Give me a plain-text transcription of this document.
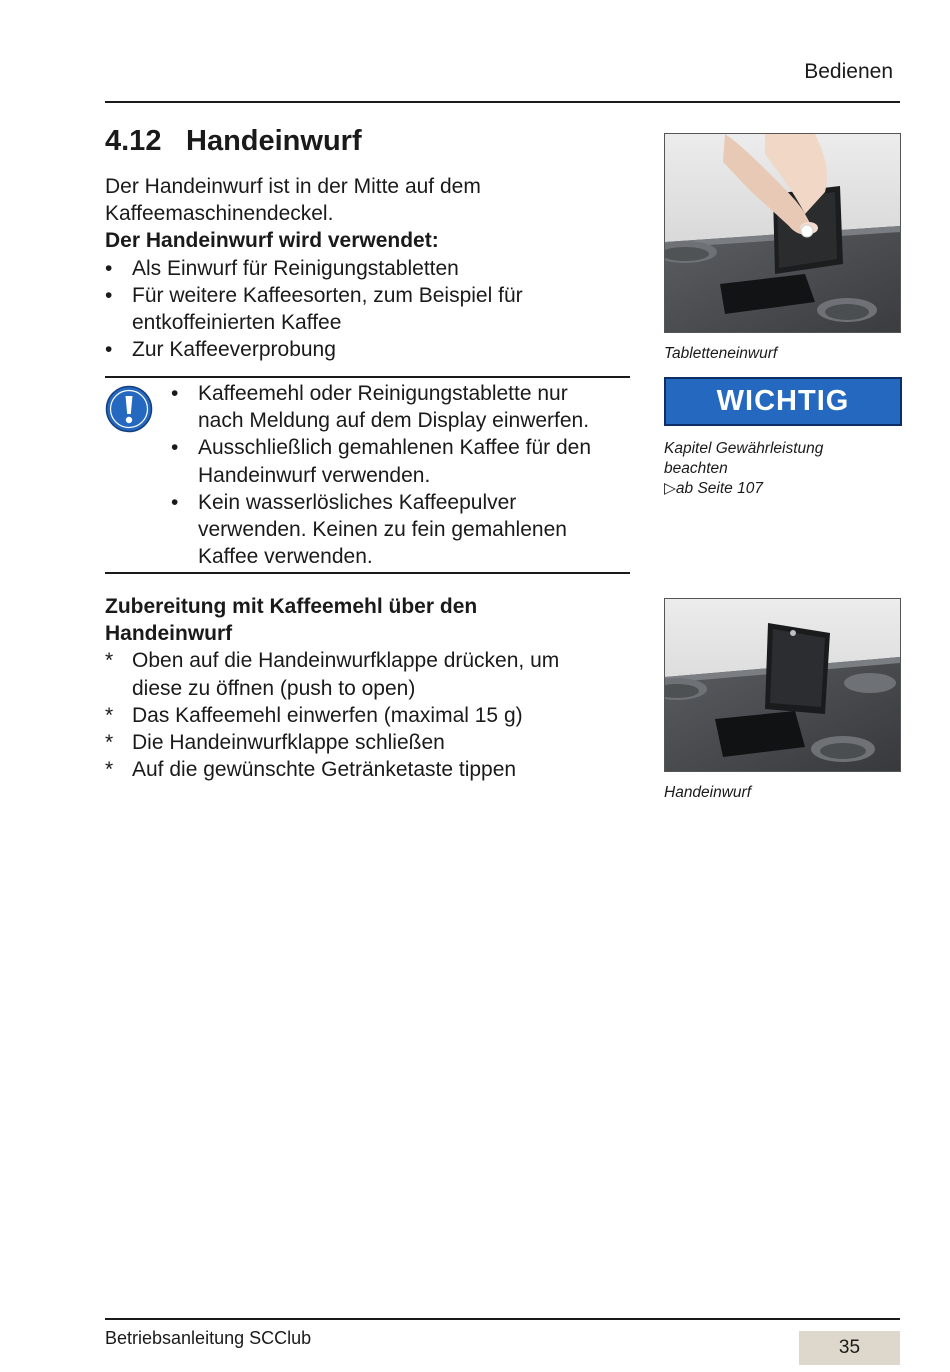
Bedienen
4.12 Handeinwurf
Der Handeinwurf ist in der Mitte auf dem
Kaffeemaschinendeckel.
Der Handeinwurf wird verwendet:
• Als Einwurf für Reinigungstabletten
• Für weitere Kaffeesorten, zum Beispiel für
entkoffeinierten Kaffee
• Zur Kaffeeverprobung
• Kaffeemehl oder Reinigungstablette nur
nach Meldung auf dem Display einwerfen.
• Ausschließlich gemahlenen Kaffee für den
Handeinwurf verwenden.
• Kein wasserlösliches Kaffeepulver
verwenden. Keinen zu fein gemahlenen
Kaffee verwenden.
Zubereitung mit Kaffeemehl über den
Handeinwurf
* Oben auf die Handeinwurfklappe drücken, um
diese zu öffnen (push to open)
* Das Kaffeemehl einwerfen (maximal 15 g)
* Die Handeinwurfklappe schließen
* Auf die gewünschte Getränketaste tippen
Tabletteneinwurf
WICHTIG
Kapitel Gewährleistung
beachten
▷ab Seite 107
Handeinwurf
Betriebsanleitung SCClub	35
